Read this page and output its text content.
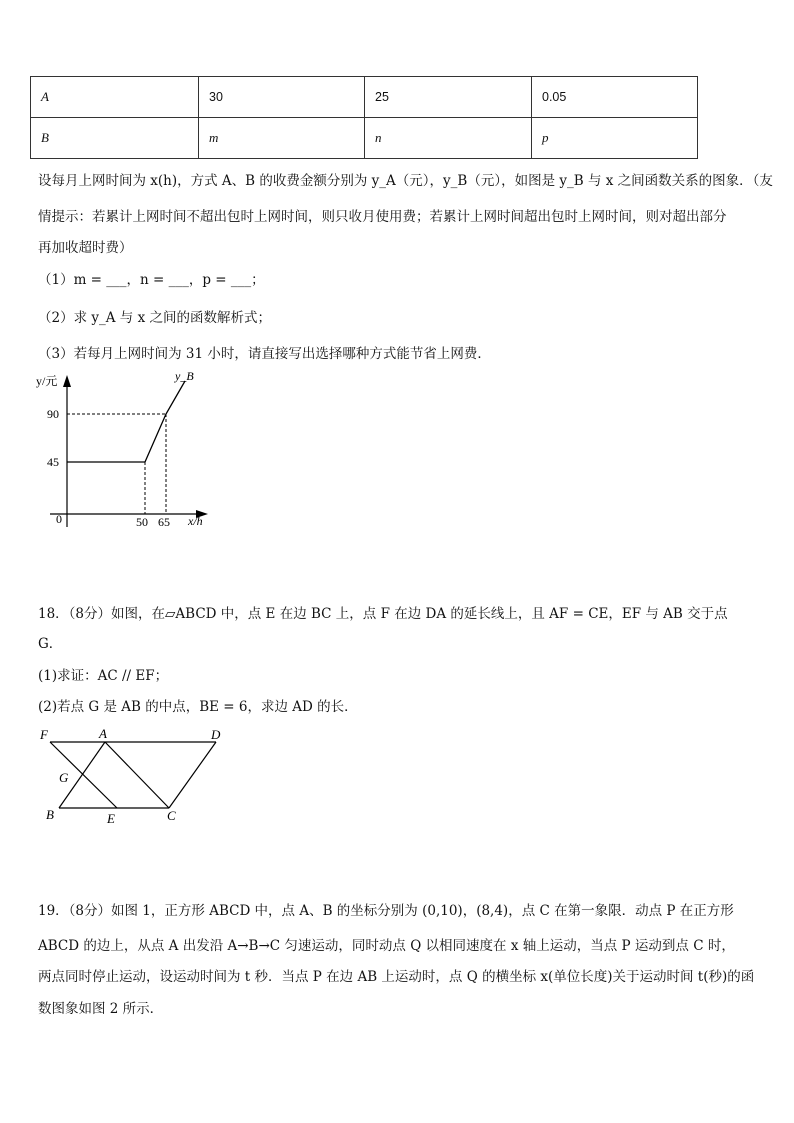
A	30	25	0.05
B	m	n	p
设每月上网时间为 x(h)，方式 A、B 的收费金额分别为 y_A（元），y_B（元），如图是 y_B 与 x 之间函数关系的图象．（友
情提示：若累计上网时间不超出包时上网时间，则只收月使用费；若累计上网时间超出包时上网时间，则对超出部分
再加收超时费）
（1）m = ___，n = ___，p = ___；
（2）求 y_A 与 x 之间的函数解析式；
（3）若每月上网时间为 31 小时，请直接写出选择哪种方式能节省上网费．
y/元
x/h
y_B
90
45
0	50 65
18．（8分）如图，在▱ABCD 中，点 E 在边 BC 上，点 F 在边 DA 的延长线上，且 AF = CE，EF 与 AB 交于点
G．
(1)求证：AC // EF；
(2)若点 G 是 AB 的中点，BE = 6，求边 AD 的长．
F	A	D
G
B	E	C
19．（8分）如图 1，正方形 ABCD 中，点 A、B 的坐标分别为 (0,10)，(8,4)，点 C 在第一象限．动点 P 在正方形
ABCD 的边上，从点 A 出发沿 A→B→C 匀速运动，同时动点 Q 以相同速度在 x 轴上运动，当点 P 运动到点 C 时，
两点同时停止运动，设运动时间为 t 秒．当点 P 在边 AB 上运动时，点 Q 的横坐标 x(单位长度)关于运动时间 t(秒)的函
数图象如图 2 所示．
